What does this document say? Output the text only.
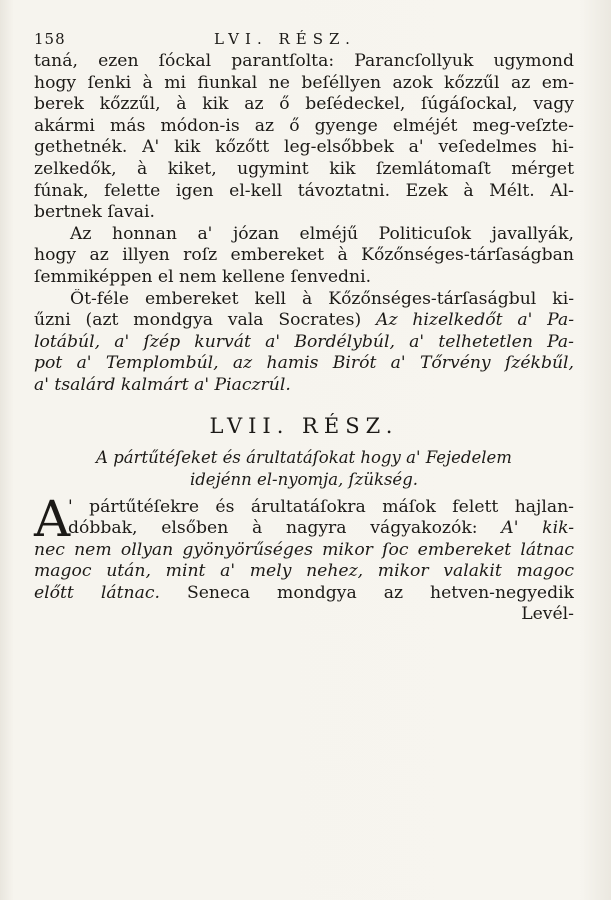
158	LVI. RÉSZ.
taná, ezen ſóckal parantſolta: Parancſollyuk ugymond
hogy ſenki à mi fiunkal ne beſéllyen azok kőzzűl az em-
berek kőzzűl, à kik az ő beſédeckel, ſúgáſockal, vagy
akármi más módon-is az ő gyenge elméjét meg-veſzte-
gethetnék. A' kik kőzőtt leg-elsőbbek a' veſedelmes hi-
zelkedők, à kiket, ugymint kik ſzemlátomaſt mérget
fúnak, felette igen el-kell távoztatni. Ezek à Mélt. Al-
bertnek ſavai.
Az honnan a' józan elméjű Politicuſok javallyák,
hogy az illyen roſz embereket à Kőzőnséges-tárſaságban
ſemmiképpen el nem kellene ſenvedni.
Őt-féle embereket kell à Kőzőnséges-tárſaságbul ki-
űzni (azt mondgya vala Socrates) Az hizelkedőt a' Pa-
lotábúl, a' ſzép kurvát a' Bordélybúl, a' telhetetlen Pa-
pot a' Templombúl, az hamis Birót a' Tőrvény ſzékbűl,
a' tsalárd kalmárt a' Piaczrúl.
LVII. RÉSZ.
A pártűtéſeket és árultatáſokat hogy a' Fejedelem
idejénn el-nyomja, ſzükség.
A
' pártűtéſekre és árultatáſokra máſok felett hajlan-
dóbbak, elsőben à nagyra vágyakozók: A' kik-
nec nem ollyan gyönyörűséges mikor ſoc embereket látnac
magoc után, mint a' mely nehez, mikor valakit magoc
előtt látnac. Seneca mondgya az hetven-negyedik
Levél-
